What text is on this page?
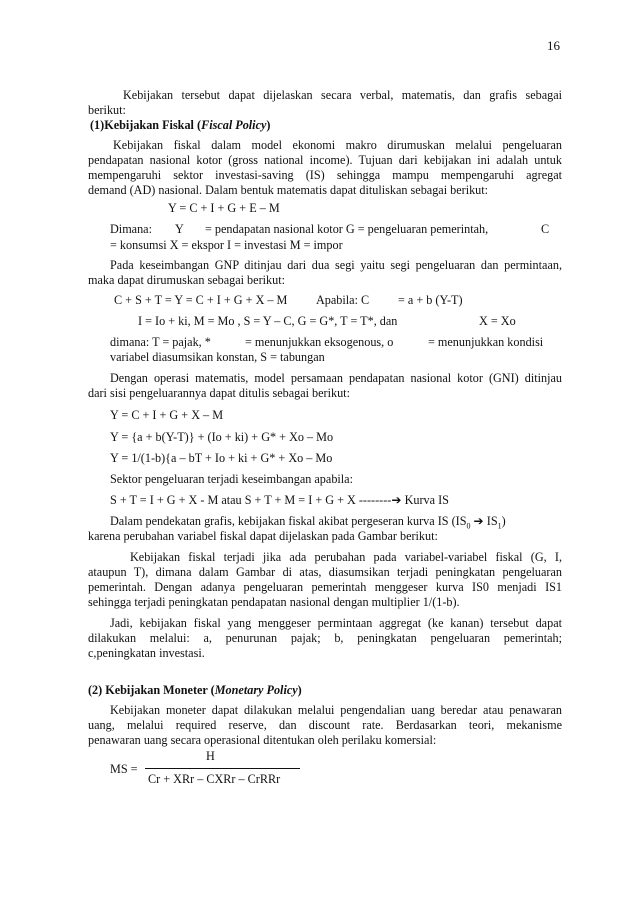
16
Kebijakan tersebut dapat dijelaskan secara verbal, matematis, dan grafis sebagai
berikut:
(1)Kebijakan Fiskal (Fiscal Policy)
Kebijakan fiskal dalam model ekonomi makro dirumuskan melalui pengeluaran
pendapatan nasional kotor (gross national income). Tujuan dari kebijakan ini adalah untuk
mempengaruhi sektor investasi-saving (IS) sehingga mampu mempengaruhi agregat
demand (AD) nasional. Dalam bentuk matematis dapat dituliskan sebagai berikut:
Y = C + I + G + E – M
Dimana:	Y	= pendapatan nasional kotor G = pengeluaran pemerintah,	C
= konsumsi X = ekspor I = investasi M = impor
Pada keseimbangan GNP ditinjau dari dua segi yaitu segi pengeluaran dan permintaan,
maka dapat dirumuskan sebagai berikut:
C + S + T = Y = C + I + G + X – M	Apabila: C	= a + b (Y-T)
I = Io + ki, M = Mo , S = Y – C, G = G*, T = T*, dan	X = Xo
dimana: T = pajak, *	= menunjukkan eksogenous, o	= menunjukkan kondisi
variabel diasumsikan konstan, S = tabungan
Dengan operasi matematis, model persamaan pendapatan nasional kotor (GNI) ditinjau
dari sisi pengeluarannya dapat ditulis sebagai berikut:
Y = C + I + G + X – M
Y = {a + b(Y-T)} + (Io + ki) + G* + Xo – Mo
Y = 1/(1-b){a – bT + Io + ki + G* + Xo – Mo
Sektor pengeluaran terjadi keseimbangan apabila:
S + T = I + G + X - M atau S + T + M = I + G + X --------➔ Kurva IS
Dalam pendekatan grafis, kebijakan fiskal akibat pergeseran kurva IS ($IS_0$ ➔ $IS_1$)
karena perubahan variabel fiskal dapat dijelaskan pada Gambar berikut:
Kebijakan fiskal terjadi jika ada perubahan pada variabel-variabel fiskal (G, I,
ataupun T), dimana dalam Gambar di atas, diasumsikan terjadi peningkatan pengeluaran
pemerintah. Dengan adanya pengeluaran pemerintah menggeser kurva IS0 menjadi IS1
sehingga terjadi peningkatan pendapatan nasional dengan multiplier 1/(1-b).
Jadi, kebijakan fiskal yang menggeser permintaan aggregat (ke kanan) tersebut dapat
dilakukan melalui: a, penurunan pajak; b, peningkatan pengeluaran pemerintah;
c,peningkatan investasi.
(2) Kebijakan Moneter (Monetary Policy)
Kebijakan moneter dapat dilakukan melalui pengendalian uang beredar atau penawaran
uang, melalui required reserve, dan discount rate. Berdasarkan teori, mekanisme
penawaran uang secara operasional ditentukan oleh perilaku komersial:
H
MS =
Cr + XRr – CXRr – CrRRr
